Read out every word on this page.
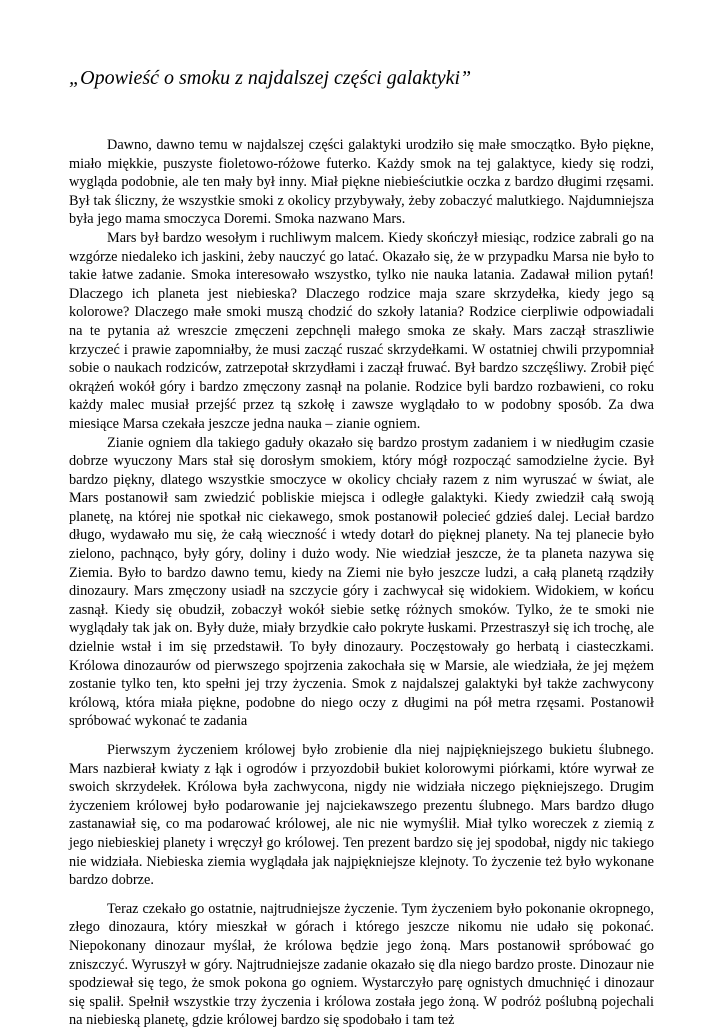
„Opowieść o smoku z najdalszej części galaktyki”

Dawno, dawno temu w najdalszej części galaktyki urodziło się małe smoczątko. Było piękne, miało miękkie, puszyste fioletowo-różowe futerko. Każdy smok na tej galaktyce, kiedy się rodzi, wygląda podobnie, ale ten mały był inny. Miał piękne niebieściutkie oczka z bardzo długimi rzęsami. Był tak śliczny, że wszystkie smoki z okolicy przybywały, żeby zobaczyć malutkiego. Najdumniejsza była jego mama smoczyca Doremi. Smoka nazwano Mars.

Mars był bardzo wesołym i ruchliwym malcem. Kiedy skończył miesiąc, rodzice zabrali go na wzgórze niedaleko ich jaskini, żeby nauczyć go latać. Okazało się, że w przypadku Marsa nie było to takie łatwe zadanie. Smoka interesowało wszystko, tylko nie nauka latania. Zadawał milion pytań! Dlaczego ich planeta jest niebieska? Dlaczego rodzice maja szare skrzydełka, kiedy jego są kolorowe? Dlaczego małe smoki muszą chodzić do szkoły latania? Rodzice cierpliwie odpowiadali na te pytania aż wreszcie zmęczeni zepchnęli małego smoka ze skały. Mars zaczął straszliwie krzyczeć i prawie zapomniałby, że musi zacząć ruszać skrzydełkami. W ostatniej chwili przypomniał sobie o naukach rodziców, zatrzepotał skrzydłami i zaczął fruwać. Był bardzo szczęśliwy. Zrobił pięć okrążeń wokół góry i bardzo zmęczony zasnął na polanie. Rodzice byli bardzo rozbawieni, co roku każdy malec musiał przejść przez tą szkołę i zawsze wyglądało to w podobny sposób. Za dwa miesiące Marsa czekała jeszcze jedna nauka – zianie ogniem.

Zianie ogniem dla takiego gaduły okazało się bardzo prostym zadaniem i w niedługim czasie dobrze wyuczony Mars stał się dorosłym smokiem, który mógł rozpocząć samodzielne życie. Był bardzo piękny, dlatego wszystkie smoczyce w okolicy chciały razem z nim wyruszać w świat, ale Mars postanowił sam zwiedzić pobliskie miejsca i odległe galaktyki. Kiedy zwiedził całą swoją planetę, na której nie spotkał nic ciekawego, smok postanowił polecieć gdzieś dalej. Leciał bardzo długo, wydawało mu się, że całą wieczność i wtedy dotarł do pięknej planety. Na tej planecie było zielono, pachnąco, były góry, doliny i dużo wody. Nie wiedział jeszcze, że ta planeta nazywa się Ziemia. Było to bardzo dawno temu, kiedy na Ziemi nie było jeszcze ludzi, a całą planetą rządziły dinozaury. Mars zmęczony usiadł na szczycie góry i zachwycał się widokiem. Widokiem, w końcu zasnął. Kiedy się obudził, zobaczył wokół siebie setkę różnych smoków. Tylko, że te smoki nie wyglądały tak jak on. Były duże, miały brzydkie cało pokryte łuskami. Przestraszył się ich trochę, ale dzielnie wstał i im się przedstawił. To były dinozaury. Poczęstowały go herbatą i ciasteczkami. Królowa dinozaurów od pierwszego spojrzenia zakochała się w Marsie, ale wiedziała, że jej mężem zostanie tylko ten, kto spełni jej trzy życzenia. Smok z najdalszej galaktyki był także zachwycony królową, która miała piękne, podobne do niego oczy z długimi na pół metra rzęsami. Postanowił spróbować wykonać te zadania

Pierwszym życzeniem królowej było zrobienie dla niej najpiękniejszego bukietu ślubnego. Mars nazbierał kwiaty z łąk i ogrodów i przyozdobił bukiet kolorowymi piórkami, które wyrwał ze swoich skrzydełek. Królowa była zachwycona, nigdy nie widziała niczego piękniejszego. Drugim życzeniem królowej było podarowanie jej najciekawszego prezentu ślubnego. Mars bardzo długo zastanawiał się, co ma podarować królowej, ale nic nie wymyślił. Miał tylko woreczek z ziemią z jego niebieskiej planety i wręczył go królowej. Ten prezent bardzo się jej spodobał, nigdy nic takiego nie widziała. Niebieska ziemia wyglądała jak najpiękniejsze klejnoty. To życzenie też było wykonane bardzo dobrze.

Teraz czekało go ostatnie, najtrudniejsze życzenie. Tym życzeniem było pokonanie okropnego, złego dinozaura, który mieszkał w górach i którego jeszcze nikomu nie udało się pokonać. Niepokonany dinozaur myślał, że królowa będzie jego żoną. Mars postanowił spróbować go zniszczyć. Wyruszył w góry. Najtrudniejsze zadanie okazało się dla niego bardzo proste. Dinozaur nie spodziewał się tego, że smok pokona go ogniem. Wystarczyło parę ognistych dmuchnięć i dinozaur się spalił. Spełnił wszystkie trzy życzenia i królowa została jego żoną. W podróż poślubną pojechali na niebieską planetę, gdzie królowej bardzo się spodobało i tam też
